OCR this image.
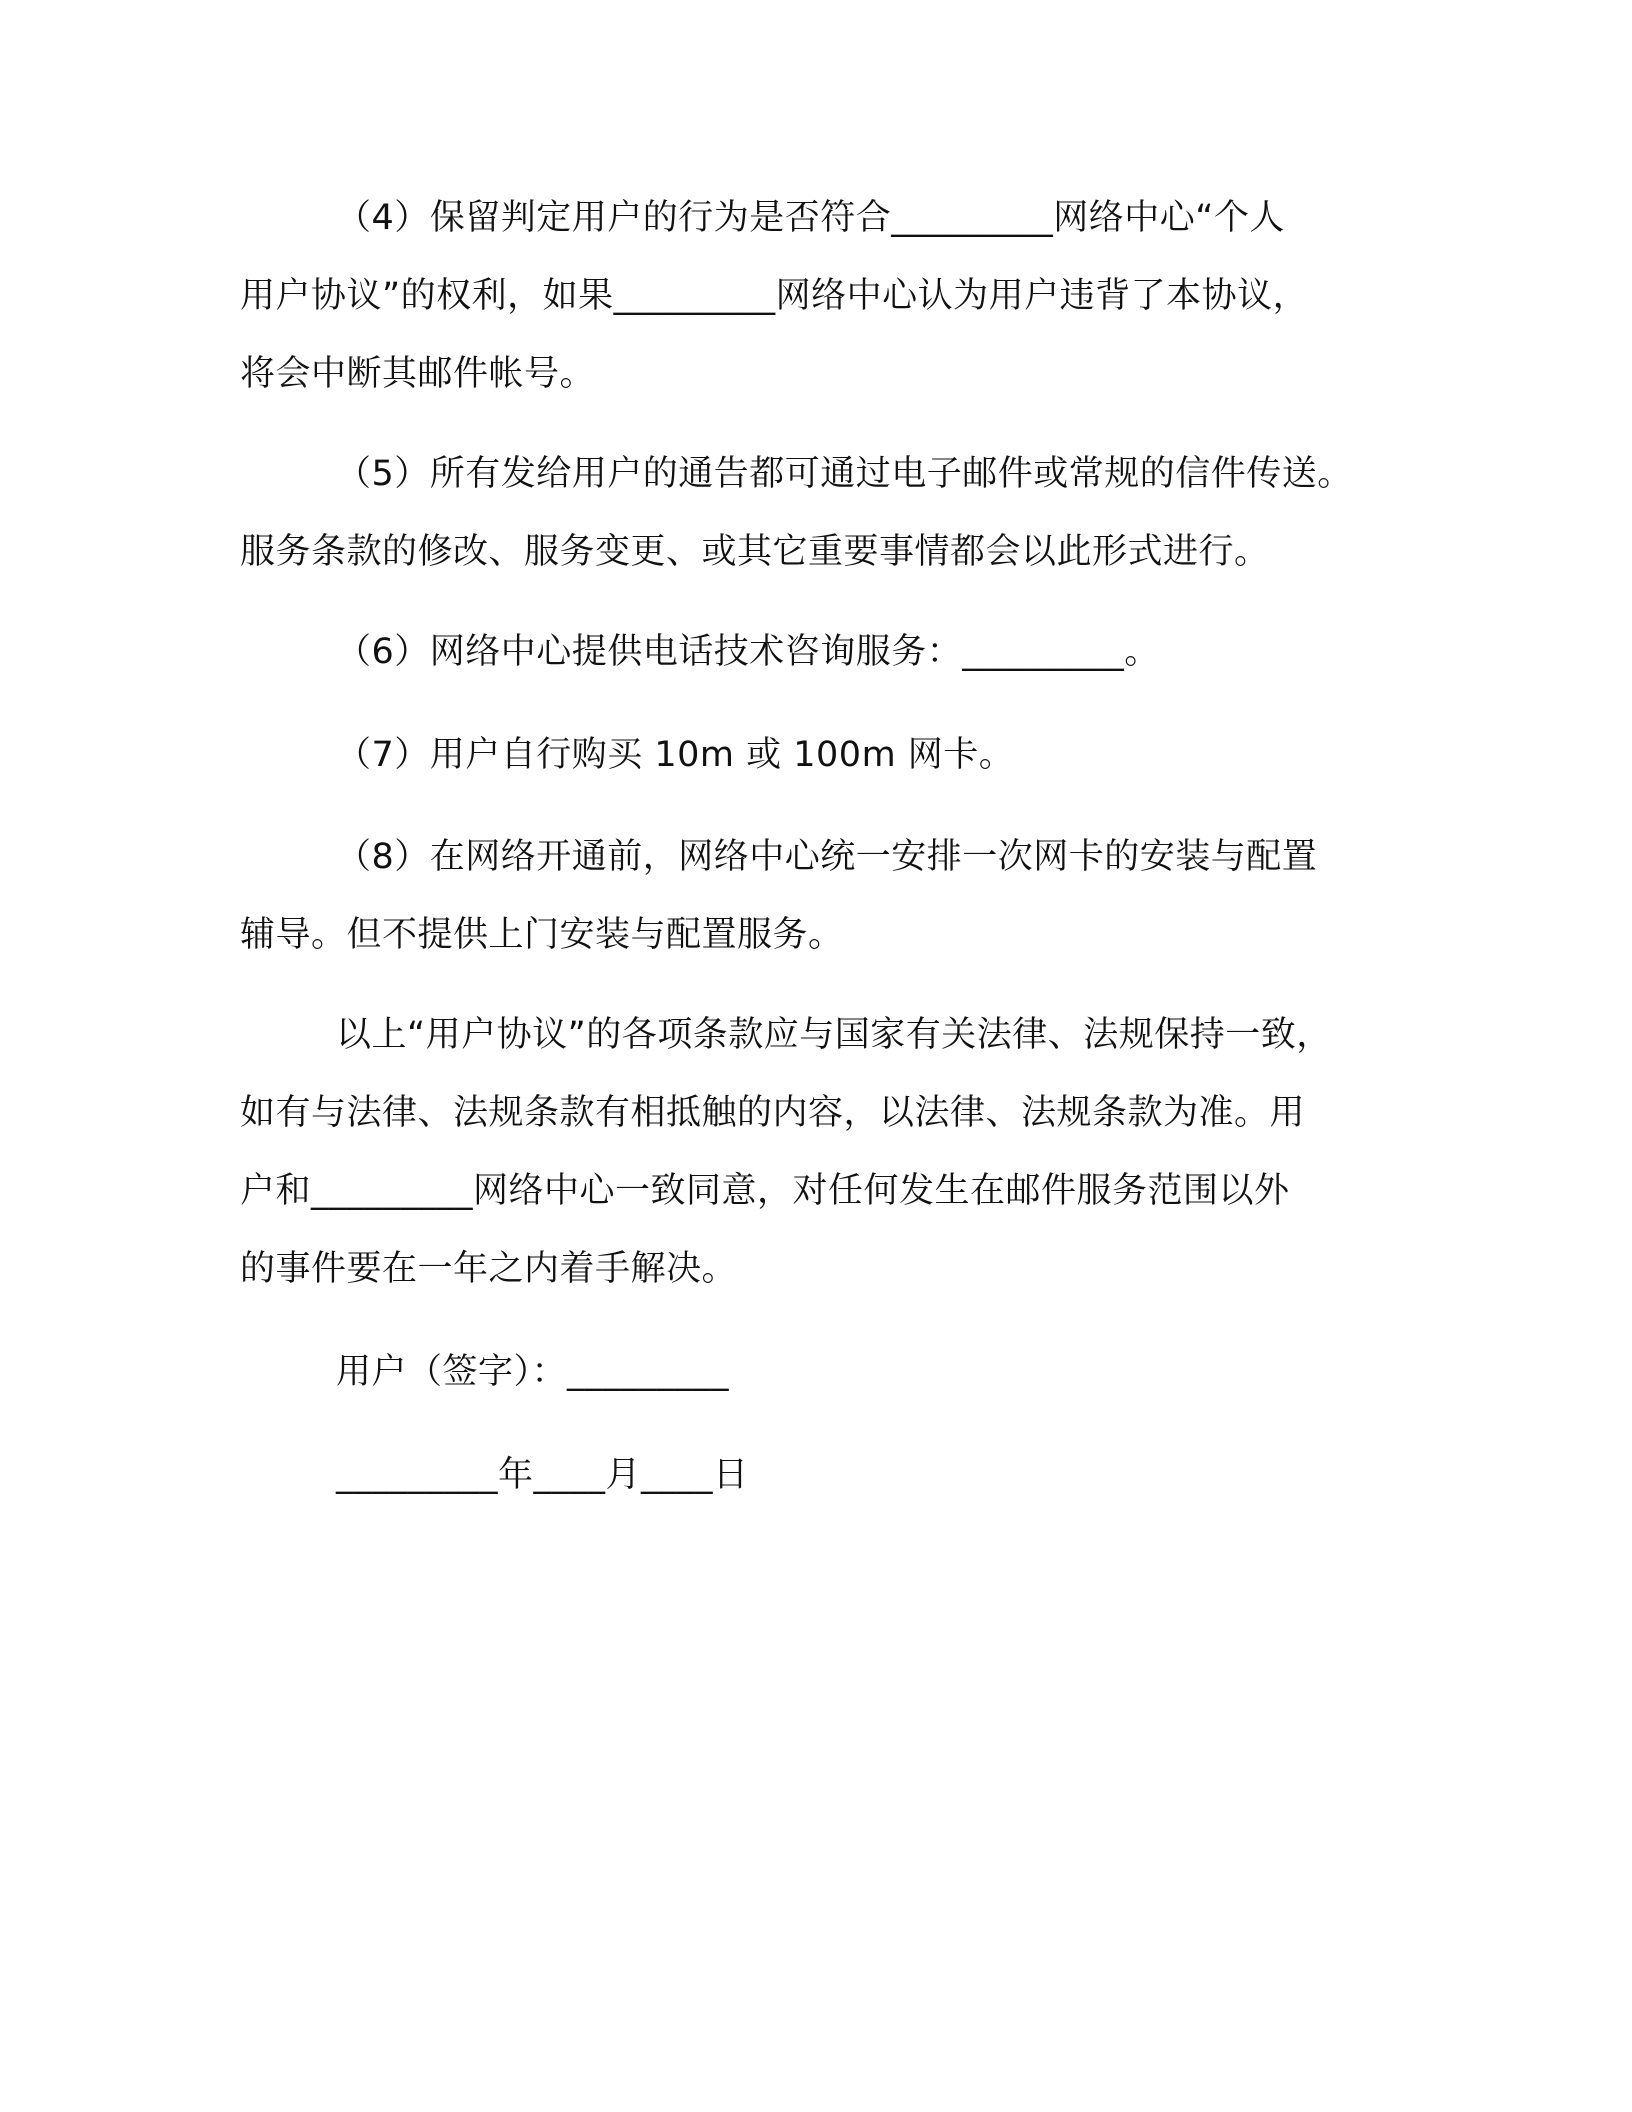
（4）保留判定用户的行为是否符合_________网络中心“个人
用户协议”的权利，如果_________网络中心认为用户违背了本协议，
将会中断其邮件帐号。
（5）所有发给用户的通告都可通过电子邮件或常规的信件传送。
服务条款的修改、服务变更、或其它重要事情都会以此形式进行。
（6）网络中心提供电话技术咨询服务：_________。
（7）用户自行购买 10m 或 100m 网卡。
（8）在网络开通前，网络中心统一安排一次网卡的安装与配置
辅导。但不提供上门安装与配置服务。
以上“用户协议”的各项条款应与国家有关法律、法规保持一致，
如有与法律、法规条款有相抵触的内容，以法律、法规条款为准。用
户和_________网络中心一致同意，对任何发生在邮件服务范围以外
的事件要在一年之内着手解决。
用户（签字）：_________
_________年____月____日
